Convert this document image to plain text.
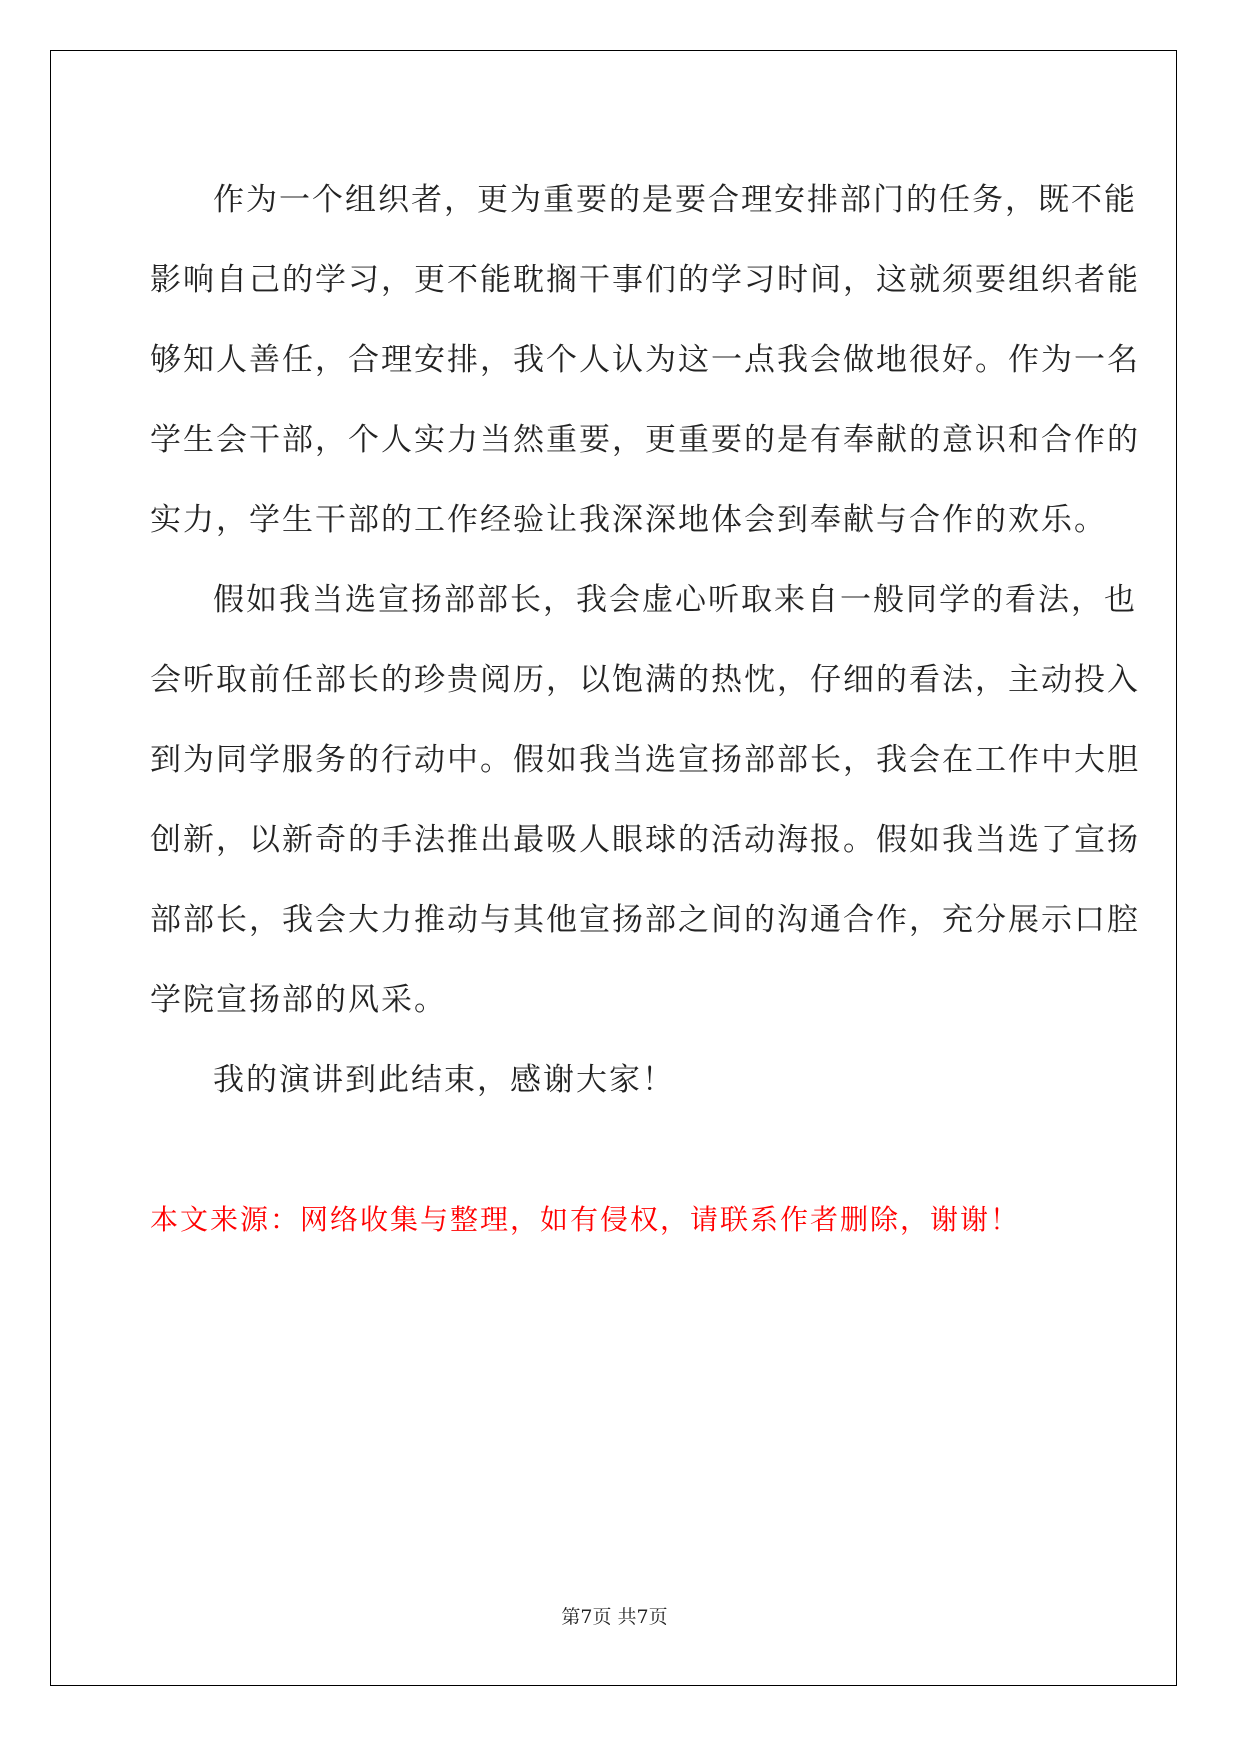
作为一个组织者，更为重要的是要合理安排部门的任务，既不能
影响自己的学习，更不能耽搁干事们的学习时间，这就须要组织者能
够知人善任，合理安排，我个人认为这一点我会做地很好。作为一名
学生会干部，个人实力当然重要，更重要的是有奉献的意识和合作的
实力，学生干部的工作经验让我深深地体会到奉献与合作的欢乐。
假如我当选宣扬部部长，我会虚心听取来自一般同学的看法，也
会听取前任部长的珍贵阅历，以饱满的热忱，仔细的看法，主动投入
到为同学服务的行动中。假如我当选宣扬部部长，我会在工作中大胆
创新，以新奇的手法推出最吸人眼球的活动海报。假如我当选了宣扬
部部长，我会大力推动与其他宣扬部之间的沟通合作，充分展示口腔
学院宣扬部的风采。
我的演讲到此结束，感谢大家！
本文来源：网络收集与整理，如有侵权，请联系作者删除，谢谢！
第7页 共7页
